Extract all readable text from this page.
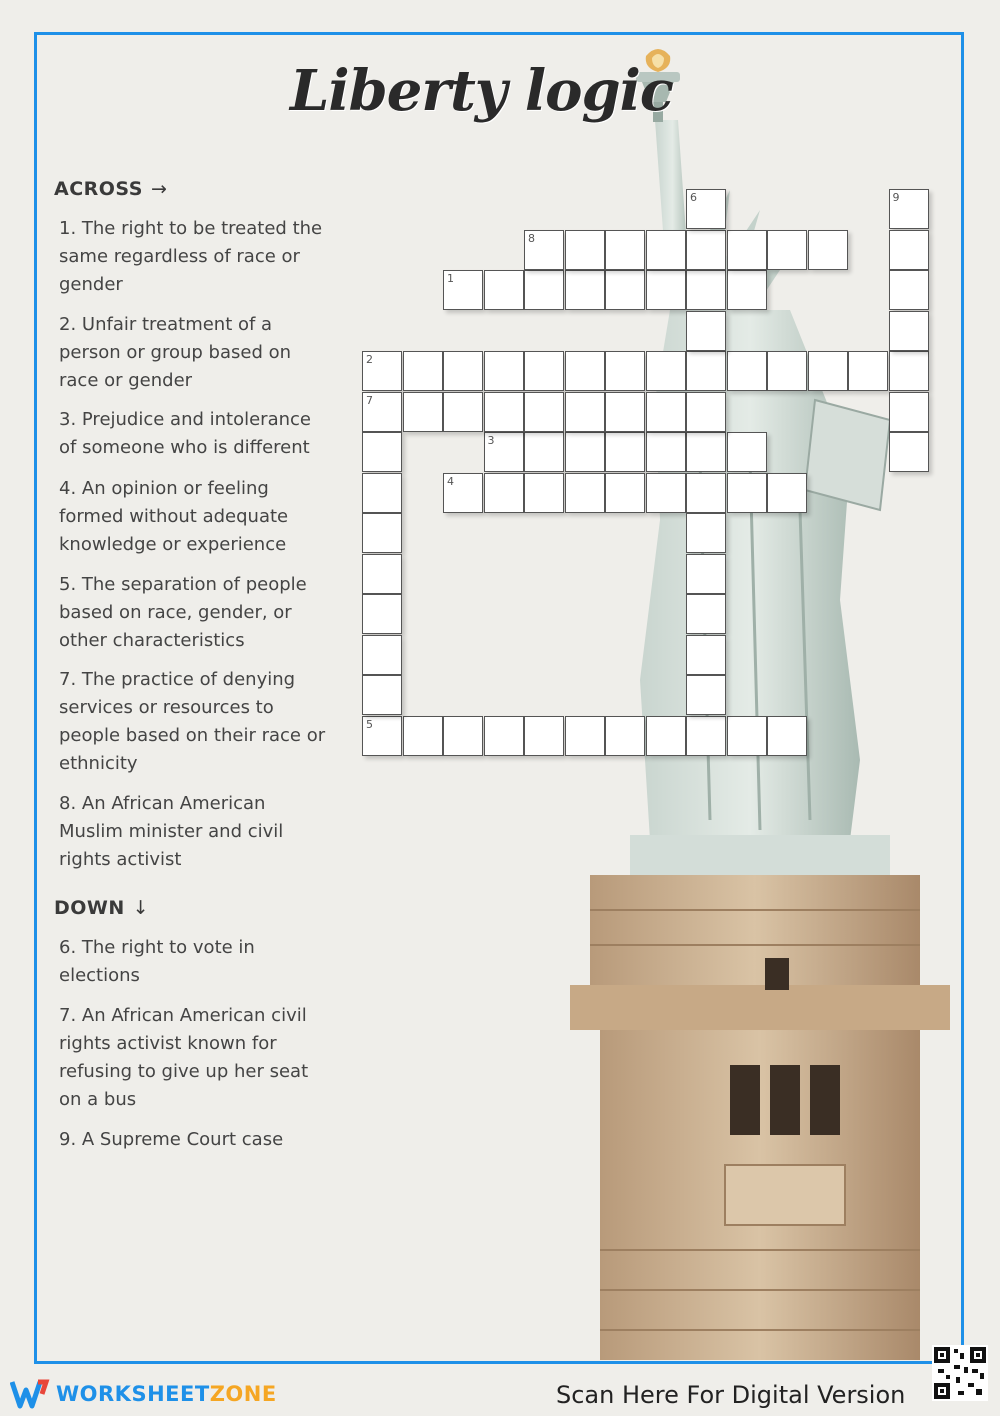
Liberty logic
ACROSS →
1. The right to be treated the same regardless of race or gender
2. Unfair treatment of a person or group based on race or gender
3. Prejudice and intolerance of someone who is different
4. An opinion or feeling formed without adequate knowledge or experience
5. The separation of people based on race, gender, or other characteristics
7. The practice of denying services or resources to people based on their race or ethnicity
8. An African American Muslim minister and civil rights activist
DOWN ↓
6. The right to vote in elections
7. An African American civil rights activist known for refusing to give up her seat on a bus
9. A Supreme Court case
1
2
3
4
5
7
8
6	9
WORKSHEETZONE	Scan Here For Digital Version
